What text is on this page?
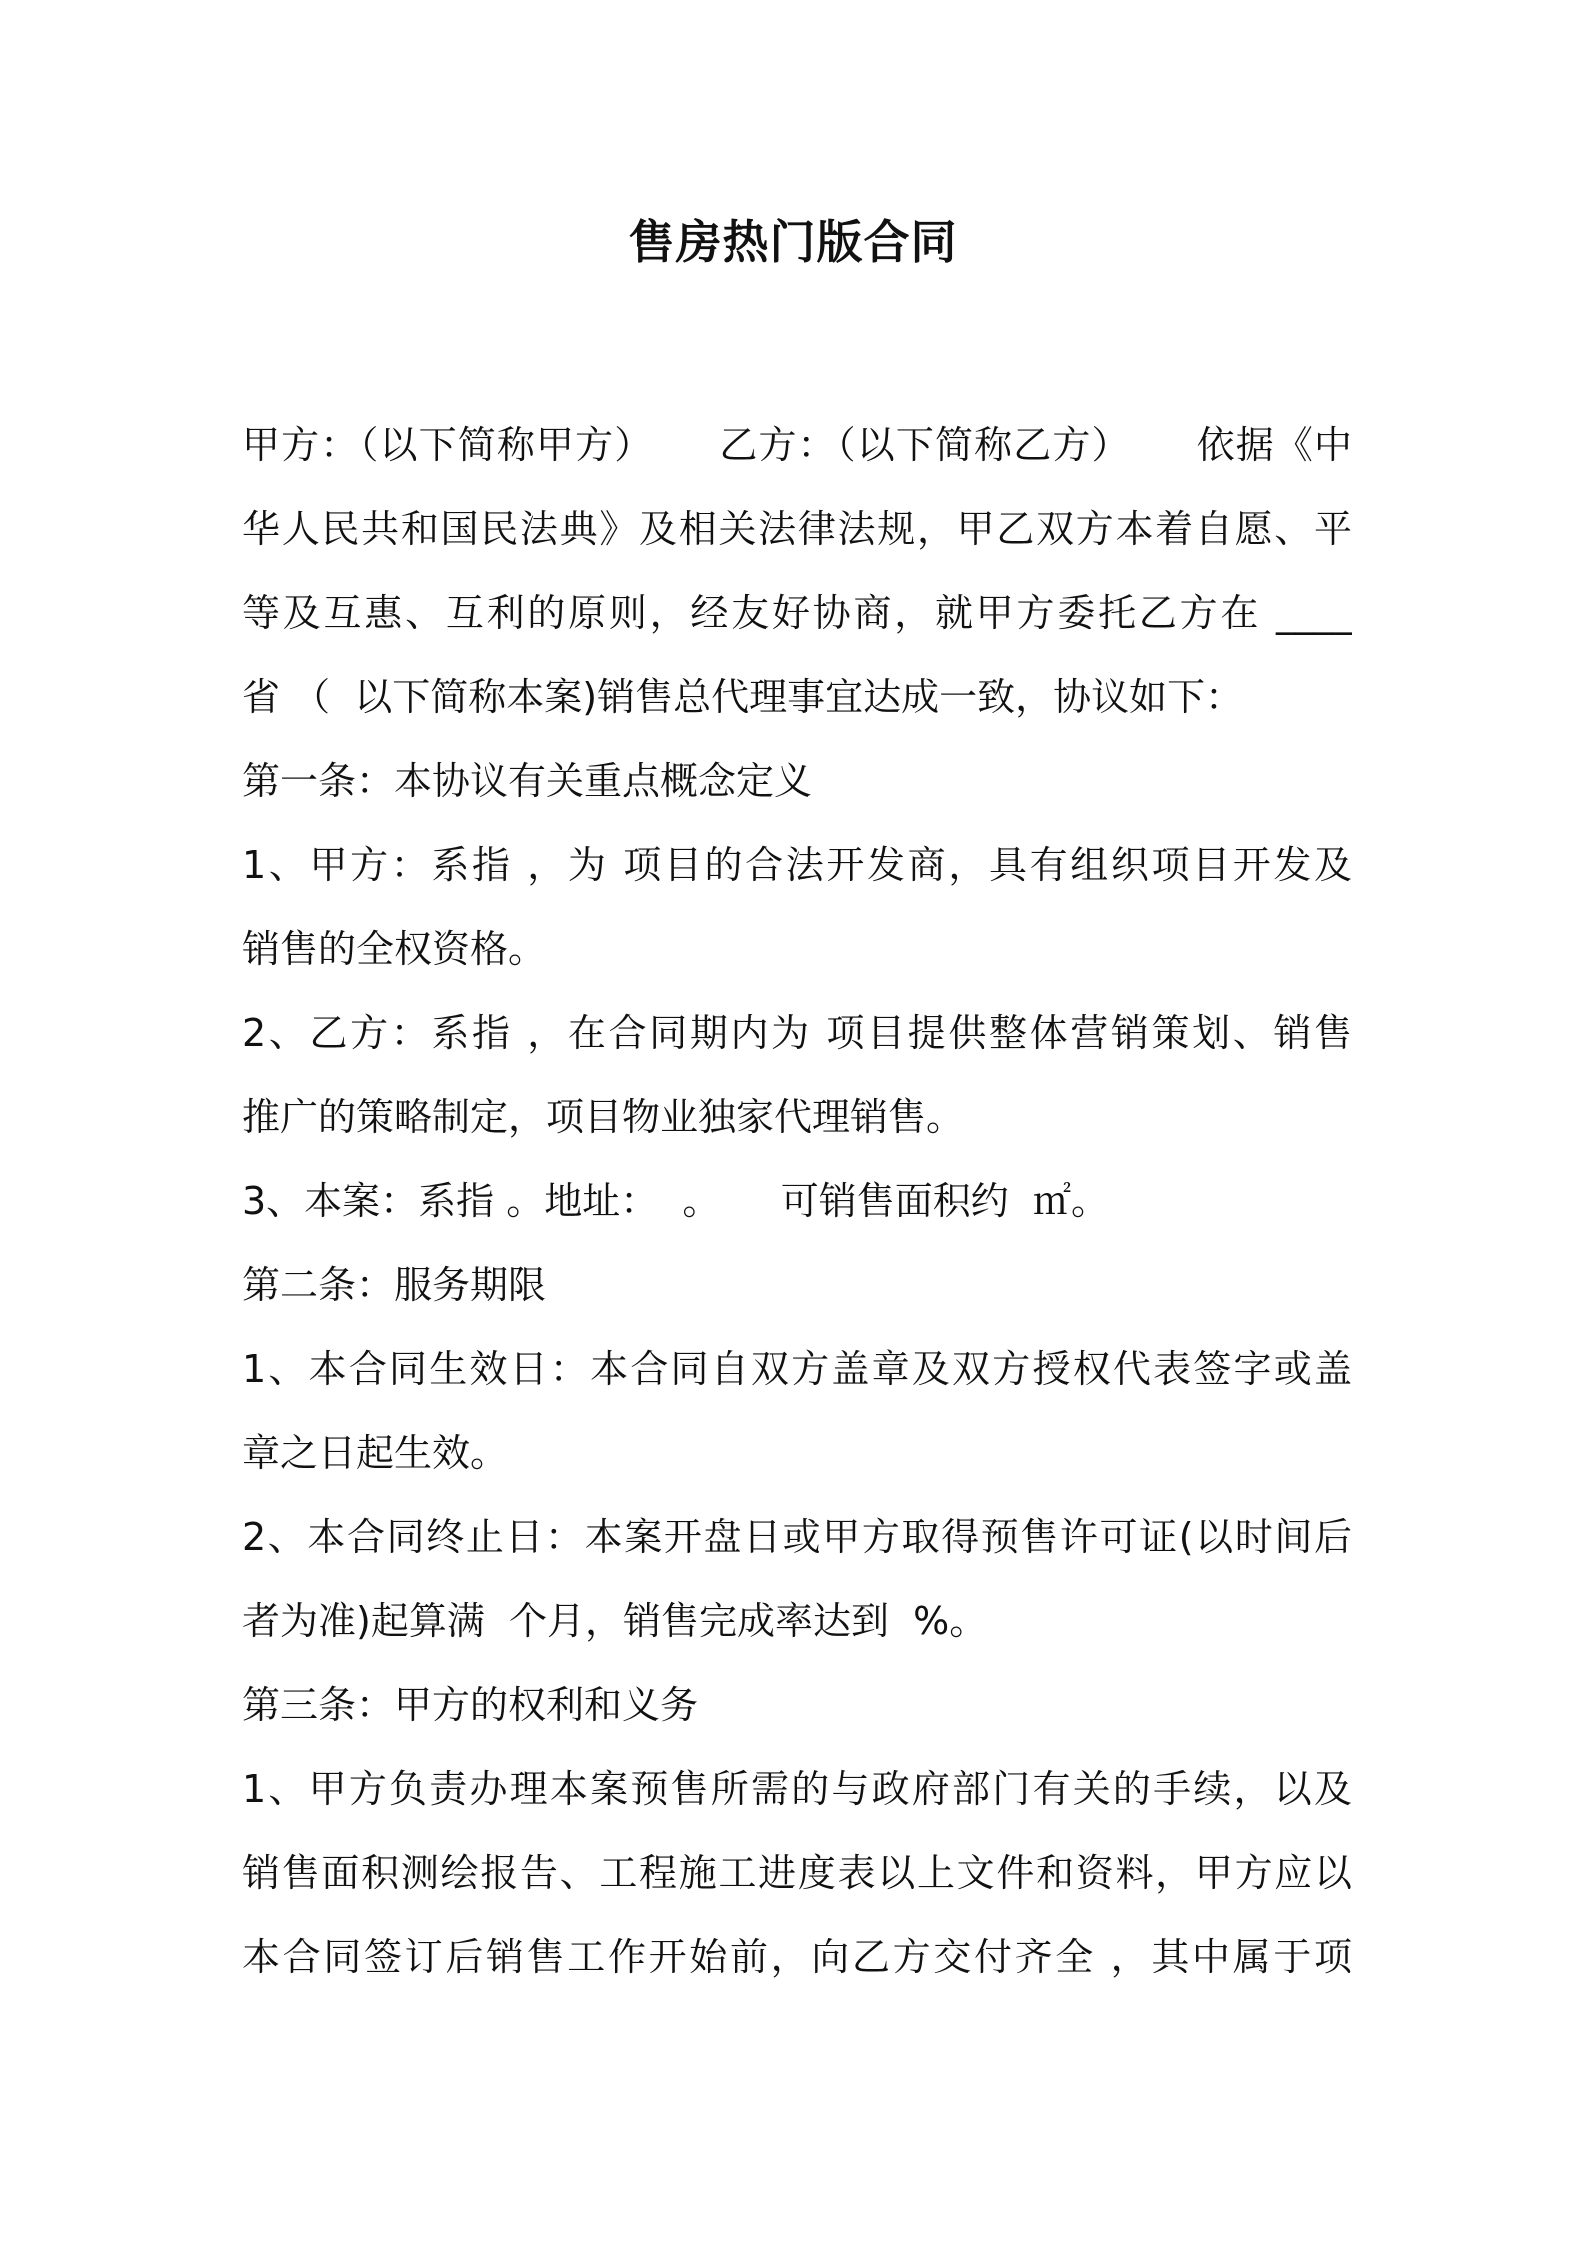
售房热门版合同
甲方：（以下简称甲方）     乙方：（以下简称乙方）     依据《中
华人民共和国民法典》及相关法律法规，甲乙双方本着自愿、平
等及互惠、互利的原则，经友好协商，就甲方委托乙方在 ____
省 （  以下简称本案)销售总代理事宜达成一致，协议如下：
第一条：本协议有关重点概念定义
1、甲方：系指 ，为 项目的合法开发商，具有组织项目开发及
销售的全权资格。
2、乙方：系指 ，在合同期内为 项目提供整体营销策划、销售
推广的策略制定，项目物业独家代理销售。
3、本案：系指 。地址：  。     可销售面积约  ㎡。
第二条：服务期限
1、本合同生效日：本合同自双方盖章及双方授权代表签字或盖
章之日起生效。
2、本合同终止日：本案开盘日或甲方取得预售许可证(以时间后
者为准)起算满  个月，销售完成率达到  %。
第三条：甲方的权利和义务
1、甲方负责办理本案预售所需的与政府部门有关的手续，以及
销售面积测绘报告、工程施工进度表以上文件和资料，甲方应以
本合同签订后销售工作开始前，向乙方交付齐全 ，其中属于项
